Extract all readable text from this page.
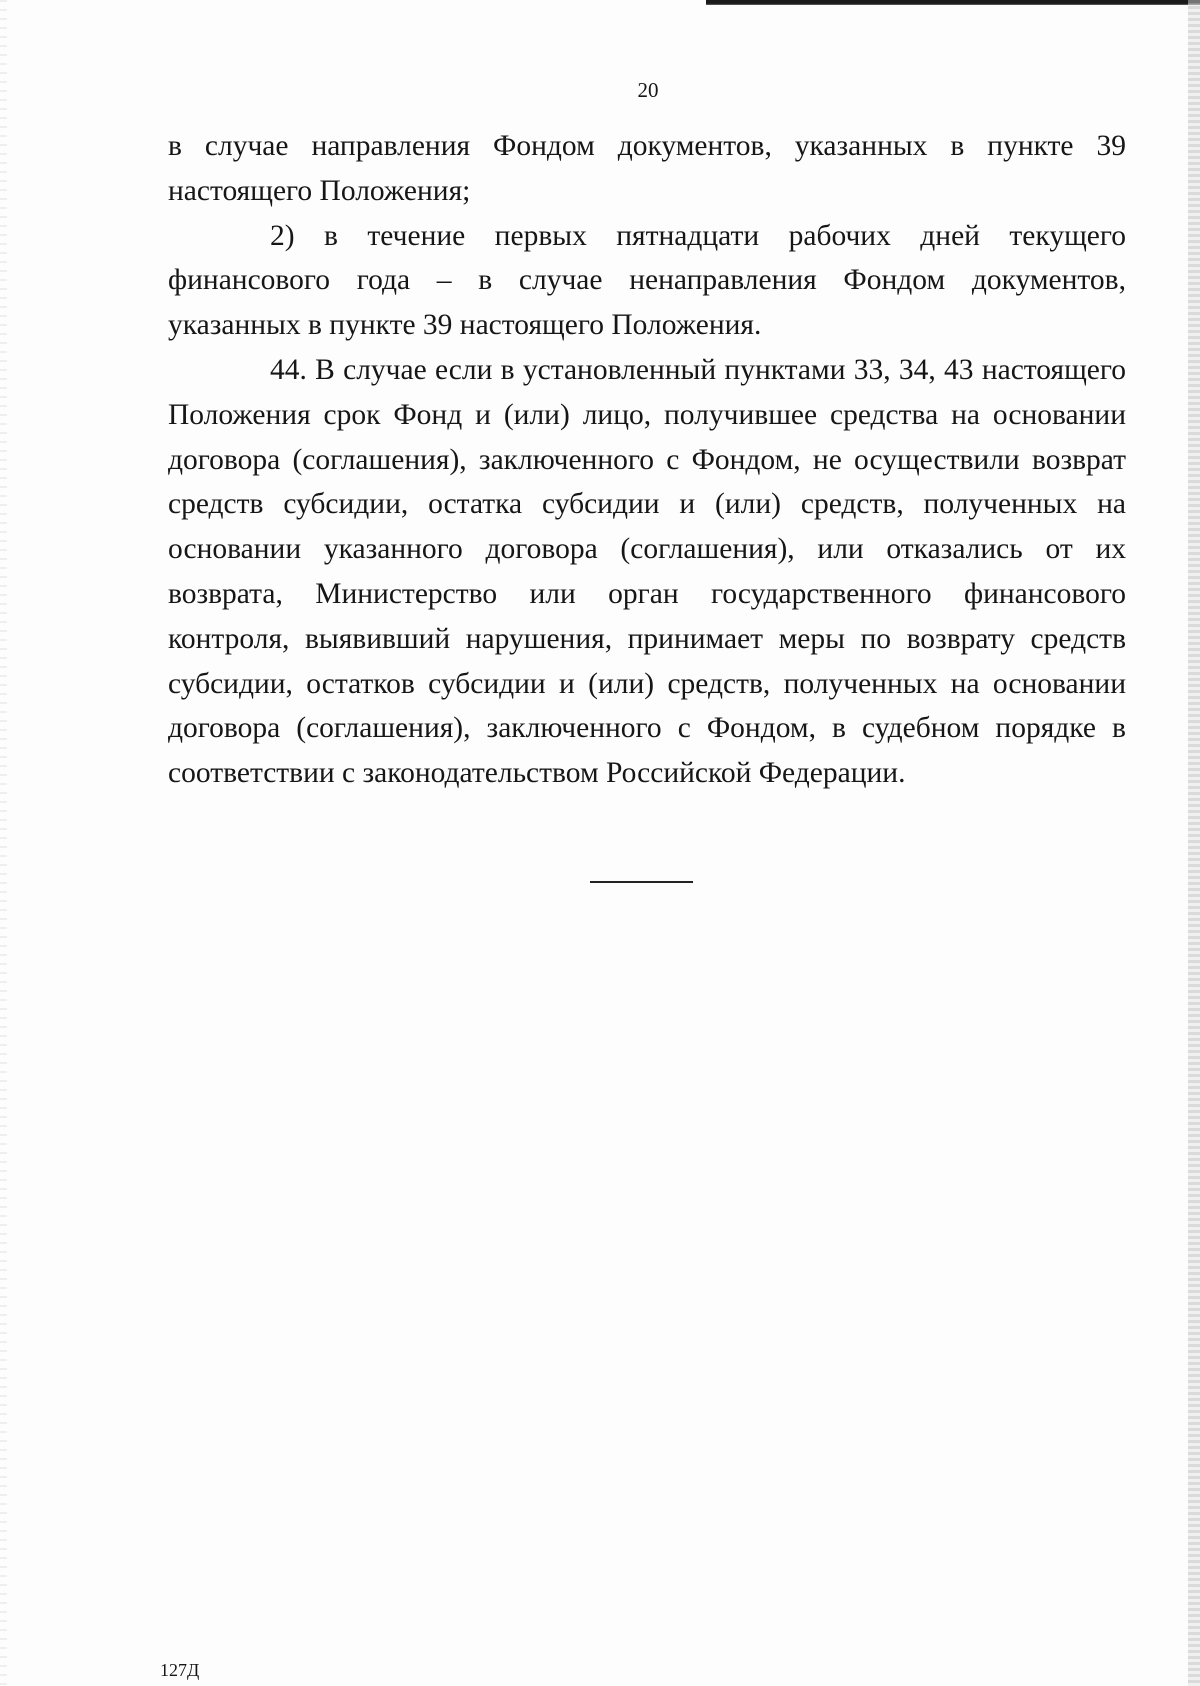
20

в случае направления Фондом документов, указанных в пункте 39 настоящего Положения;

2) в течение первых пятнадцати рабочих дней текущего финансового года – в случае ненаправления Фондом документов, указанных в пункте 39 настоящего Положения.

44. В случае если в установленный пунктами 33, 34, 43 настоящего Положения срок Фонд и (или) лицо, получившее средства на основании договора (соглашения), заключенного с Фондом, не осуществили возврат средств субсидии, остатка субсидии и (или) средств, полученных на основании указанного договора (соглашения), или отказались от их возврата, Министерство или орган государственного финансового контроля, выявивший нарушения, принимает меры по возврату средств субсидии, остатков субсидии и (или) средств, полученных на основании договора (соглашения), заключенного с Фондом, в судебном порядке в соответствии с законодательством Российской Федерации.

127Д
